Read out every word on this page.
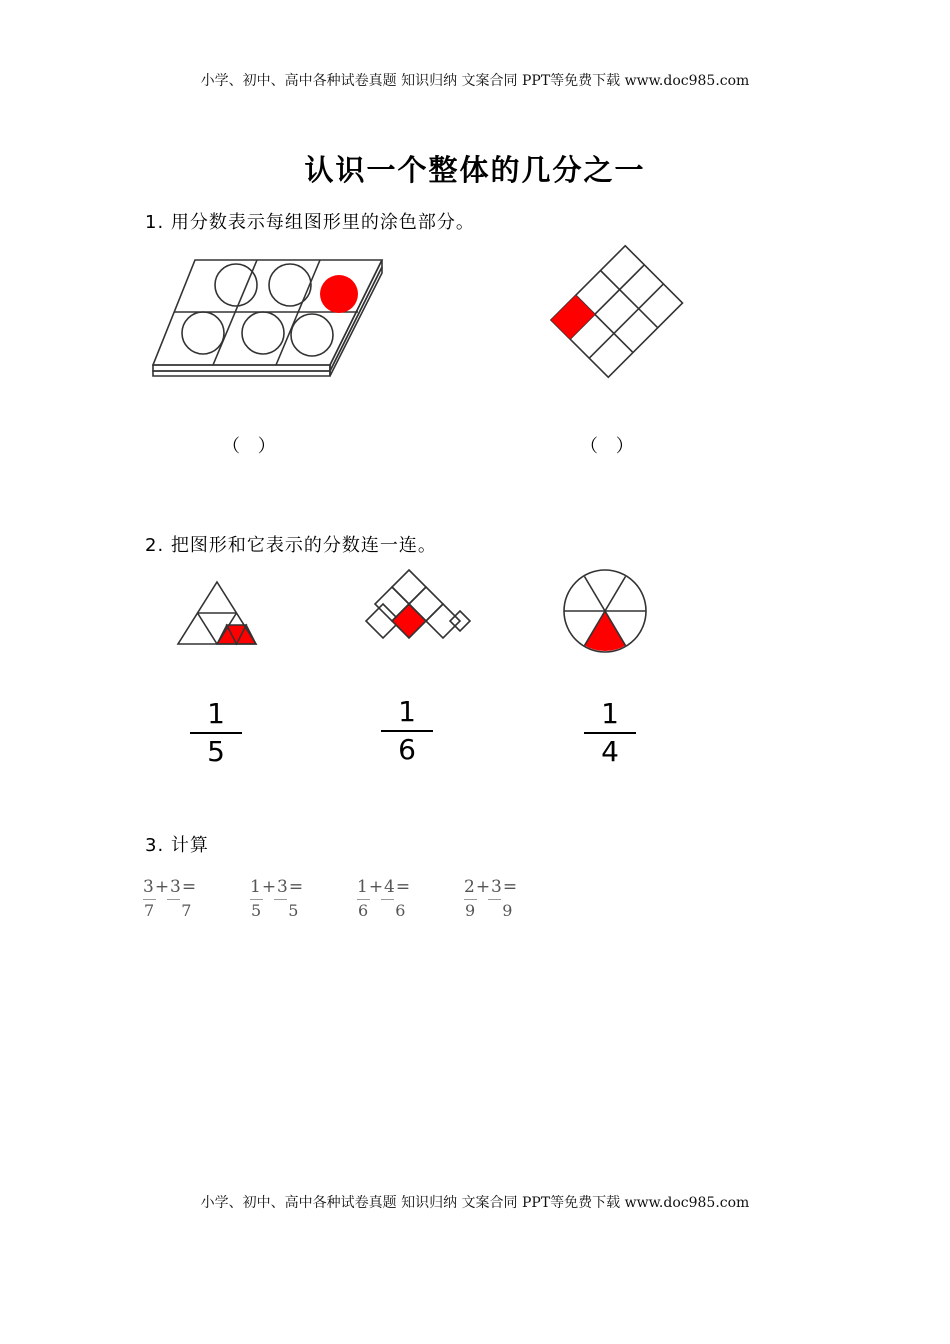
小学、初中、高中各种试卷真题 知识归纳 文案合同 PPT等免费下载 www.doc985.com
认识一个整体的几分之一
1. 用分数表示每组图形里的涂色部分。
（ ）	（ ）
2. 把图形和它表示的分数连一连。
1
5
1
6
1
4
3. 计算
3+3=
7 7
1+3=
5 5
1+4=
6 6
2+3=
9 9
小学、初中、高中各种试卷真题 知识归纳 文案合同 PPT等免费下载 www.doc985.com
